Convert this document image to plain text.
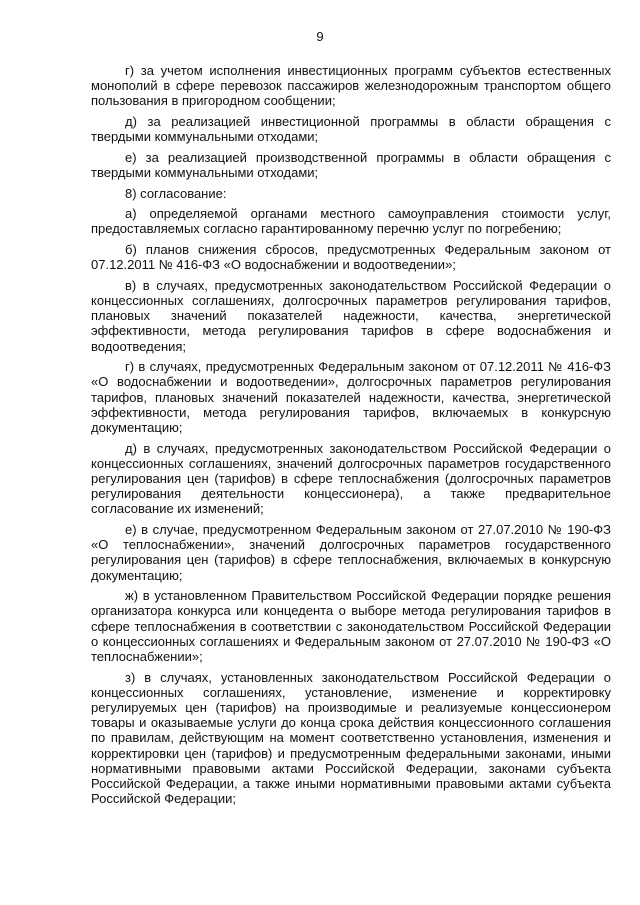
9

г) за учетом исполнения инвестиционных программ субъектов естественных монополий в сфере перевозок пассажиров железнодорожным транспортом общего пользования в пригородном сообщении;

д) за реализацией инвестиционной программы в области обращения с твердыми коммунальными отходами;

е) за реализацией производственной программы в области обращения с твердыми коммунальными отходами;

8) согласование:

а) определяемой органами местного самоуправления стоимости услуг, предоставляемых согласно гарантированному перечню услуг по погребению;

б) планов снижения сбросов, предусмотренных Федеральным законом от 07.12.2011 № 416-ФЗ «О водоснабжении и водоотведении»;

в) в случаях, предусмотренных законодательством Российской Федерации о концессионных соглашениях, долгосрочных параметров регулирования тарифов, плановых значений показателей надежности, качества, энергетической эффективности, метода регулирования тарифов в сфере водоснабжения и водоотведения;

г) в случаях, предусмотренных Федеральным законом от 07.12.2011 № 416-ФЗ «О водоснабжении и водоотведении», долгосрочных параметров регулирования тарифов, плановых значений показателей надежности, качества, энергетической эффективности, метода регулирования тарифов, включаемых в конкурсную документацию;

д) в случаях, предусмотренных законодательством Российской Федерации о концессионных соглашениях, значений долгосрочных параметров государственного регулирования цен (тарифов) в сфере теплоснабжения (долгосрочных параметров регулирования деятельности концессионера), а также предварительное согласование их изменений;

е) в случае, предусмотренном Федеральным законом от 27.07.2010 № 190-ФЗ «О теплоснабжении», значений долгосрочных параметров государственного регулирования цен (тарифов) в сфере теплоснабжения, включаемых в конкурсную документацию;

ж) в установленном Правительством Российской Федерации порядке решения организатора конкурса или концедента о выборе метода регулирования тарифов в сфере теплоснабжения в соответствии с законодательством Российской Федерации о концессионных соглашениях и Федеральным законом от 27.07.2010 № 190-ФЗ «О теплоснабжении»;

з) в случаях, установленных законодательством Российской Федерации о концессионных соглашениях, установление, изменение и корректировку регулируемых цен (тарифов) на производимые и реализуемые концессионером товары и оказываемые услуги до конца срока действия концессионного соглашения по правилам, действующим на момент соответственно установления, изменения и корректировки цен (тарифов) и предусмотренным федеральными законами, иными нормативными правовыми актами Российской Федерации, законами субъекта Российской Федерации, а также иными нормативными правовыми актами субъекта Российской Федерации;
